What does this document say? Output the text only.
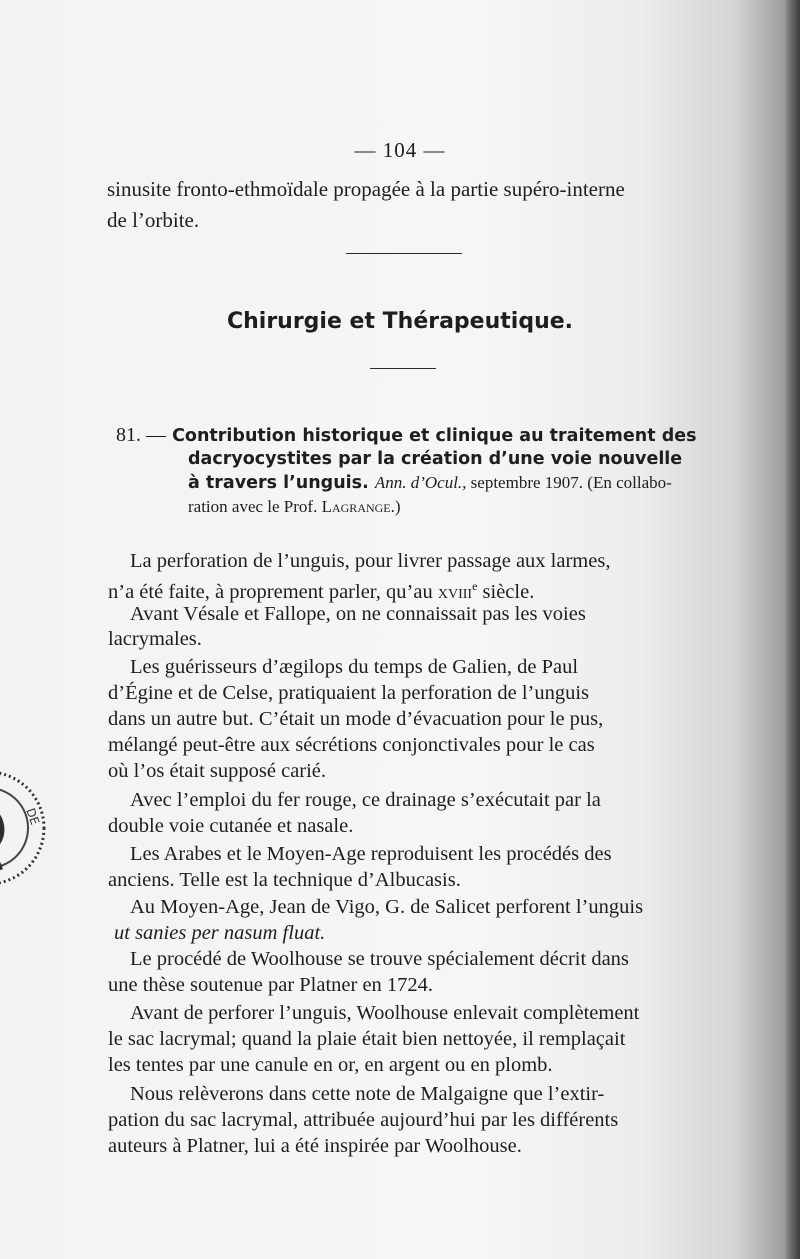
— 104 —
sinusite fronto-ethmoïdale propagée à la partie supéro-interne
de l’orbite.
Chirurgie et Thérapeutique.
81. — Contribution historique et clinique au traitement des
dacryocystites par la création d’une voie nouvelle
à travers l’unguis. Ann. d’Ocul., septembre 1907. (En collabo-
ration avec le Prof. Lagrange.)
La perforation de l’unguis, pour livrer passage aux larmes,
n’a été faite, à proprement parler, qu’au xviii$^e$ siècle.
Avant Vésale et Fallope, on ne connaissait pas les voies
lacrymales.
Les guérisseurs d’ægilops du temps de Galien, de Paul
d’Égine et de Celse, pratiquaient la perforation de l’unguis
dans un autre but. C’était un mode d’évacuation pour le pus,
mélangé peut-être aux sécrétions conjonctivales pour le cas
où l’os était supposé carié.
Avec l’emploi du fer rouge, ce drainage s’exécutait par la
double voie cutanée et nasale.
Les Arabes et le Moyen-Age reproduisent les procédés des
anciens. Telle est la technique d’Albucasis.
Au Moyen-Age, Jean de Vigo, G. de Salicet perforent l’unguis
ut sanies per nasum fluat.
Le procédé de Woolhouse se trouve spécialement décrit dans
une thèse soutenue par Platner en 1724.
Avant de perforer l’unguis, Woolhouse enlevait complètement
le sac lacrymal; quand la plaie était bien nettoyée, il remplaçait
les tentes par une canule en or, en argent ou en plomb.
Nous relèverons dans cette note de Malgaigne que l’extir-
pation du sac lacrymal, attribuée aujourd’hui par les différents
auteurs à Platner, lui a été inspirée par Woolhouse.
DE
